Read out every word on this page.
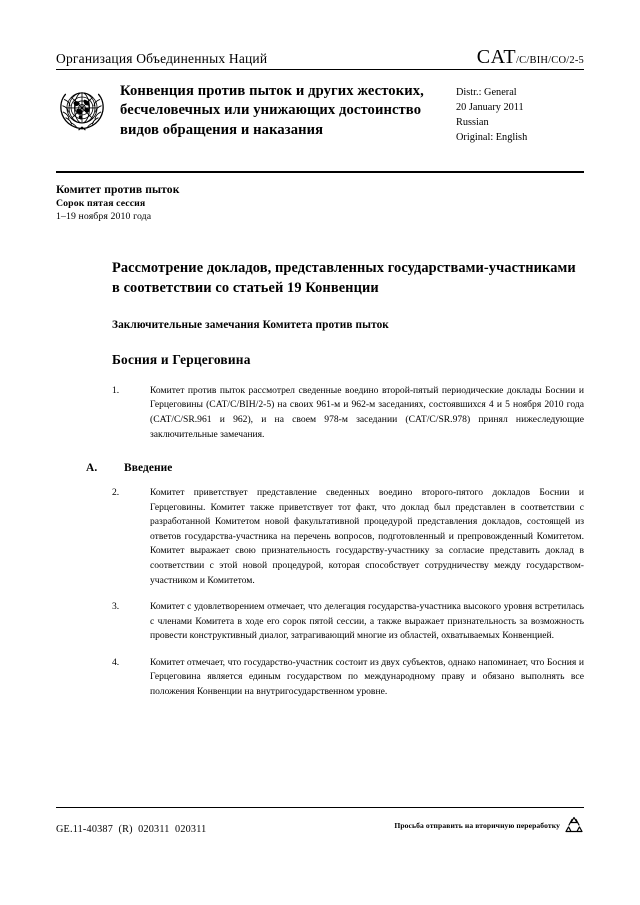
Организация Объединенных Наций	CAT/C/BIH/CO/2-5
Конвенция против пыток и других жестоких, бесчеловечных или унижающих достоинство видов обращения и наказания
Distr.: General
20 January 2011
Russian
Original: English
Комитет против пыток
Сорок пятая сессия
1–19 ноября 2010 года
Рассмотрение докладов, представленных государствами-участниками в соответствии со статьей 19 Конвенции
Заключительные замечания Комитета против пыток
Босния и Герцеговина
1.	Комитет против пыток рассмотрел сведенные воедино второй-пятый периодические доклады Боснии и Герцеговины (CAT/C/BIH/2-5) на своих 961-м и 962-м заседаниях, состоявшихся 4 и 5 ноября 2010 года (CAT/C/SR.961 и 962), и на своем 978-м заседании (CAT/C/SR.978) принял нижеследующие заключительные замечания.
A. Введение
2.	Комитет приветствует представление сведенных воедино второго-пятого докладов Боснии и Герцеговины. Комитет также приветствует тот факт, что доклад был представлен в соответствии с разработанной Комитетом новой факультативной процедурой представления докладов, состоящей из ответов государства-участника на перечень вопросов, подготовленный и препровожденный Комитетом. Комитет выражает свою признательность государству-участнику за согласие представить доклад в соответствии с этой новой процедурой, которая способствует сотрудничеству между государством-участником и Комитетом.
3.	Комитет с удовлетворением отмечает, что делегация государства-участника высокого уровня встретилась с членами Комитета в ходе его сорок пятой сессии, а также выражает признательность за возможность провести конструктивный диалог, затрагивающий многие из областей, охватываемых Конвенцией.
4.	Комитет отмечает, что государство-участник состоит из двух субъектов, однако напоминает, что Босния и Герцеговина является единым государством по международному праву и обязано выполнять все положения Конвенции на внутригосударственном уровне.
GE.11-40387  (R)  020311  020311	Просьба отправить на вторичную переработку
